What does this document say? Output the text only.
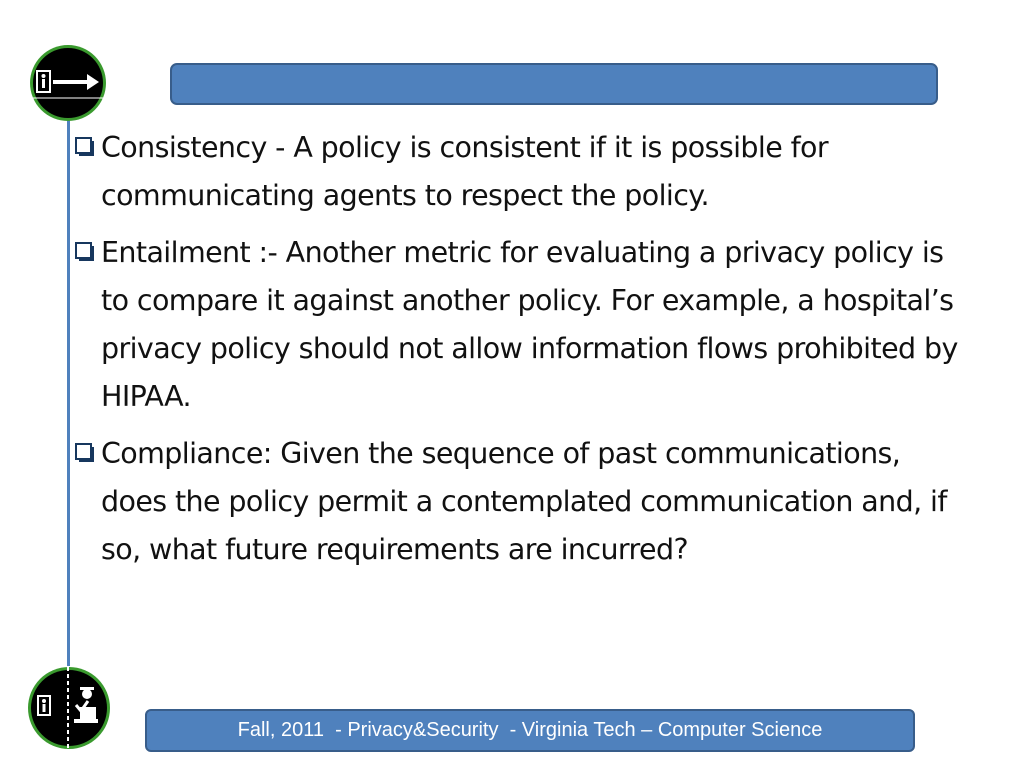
Consistency - A policy is consistent if it is possible for communicating agents to respect the policy.
Entailment :- Another metric for evaluating a privacy policy is to compare it against another policy. For example, a hospital’s privacy policy should not allow information flows prohibited by HIPAA.
Compliance: Given the sequence of past communications, does the policy permit a contemplated communication and, if so, what future requirements are incurred?
Fall, 2011  - Privacy&Security  - Virginia Tech – Computer Science
